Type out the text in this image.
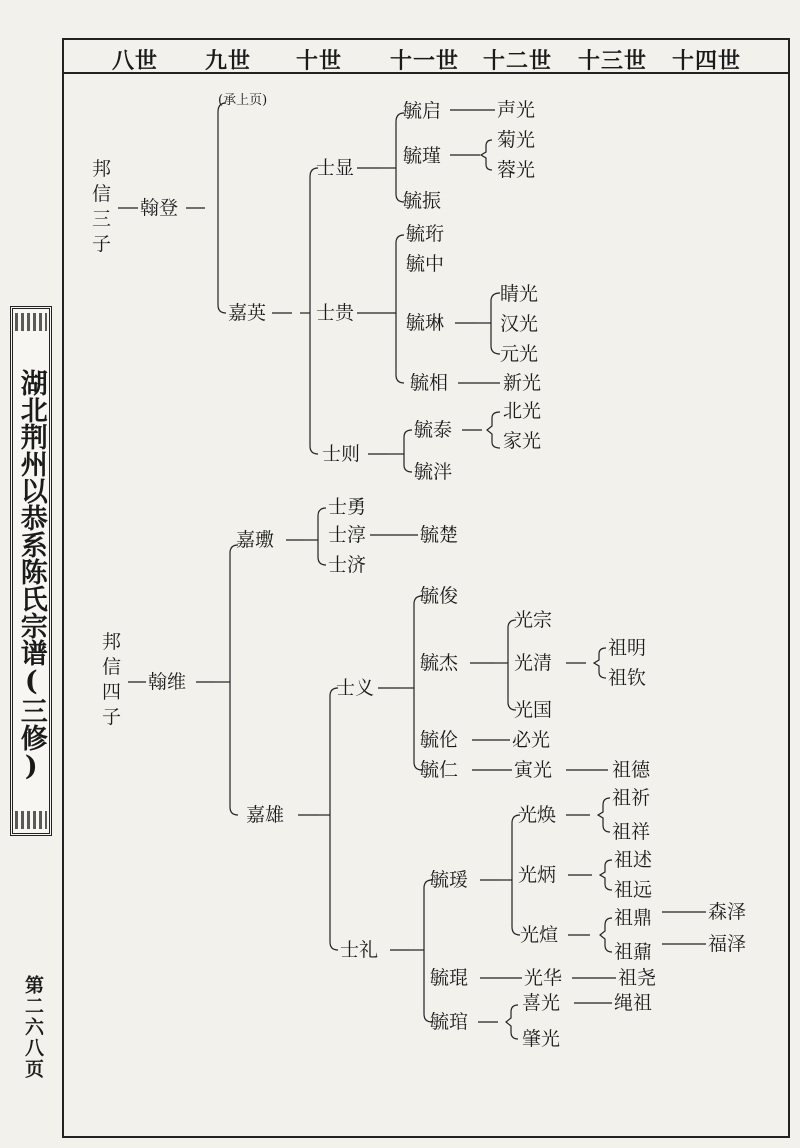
八世 九世 十世 十一世 十二世 十三世 十四世
湖北荆州以恭系陈氏宗谱(三修)
第二六八页
邦信三子
翰登
(承上页)
嘉英
士显
毓启
毓瑾
毓振
声光
菊光
蓉光
士贵
毓珩
毓中
毓琳
毓相
睛光
汉光
元光
新光
士则
毓泰
毓泮
北光
家光
邦信四子
翰维
嘉璷
士勇
士淳
士济
毓楚
嘉雄
士义
毓俊
毓杰
毓伦
毓仁
光宗
光清
光国
祖明
祖钦
必光
寅光	祖德
士礼
毓瑗
毓琨
毓琯
光焕
光炳
光煊
祖祈
祖祥
祖述
祖远
祖鼎
祖鼐
森泽
福泽
光华	祖尧
喜光
肇光
绳祖
